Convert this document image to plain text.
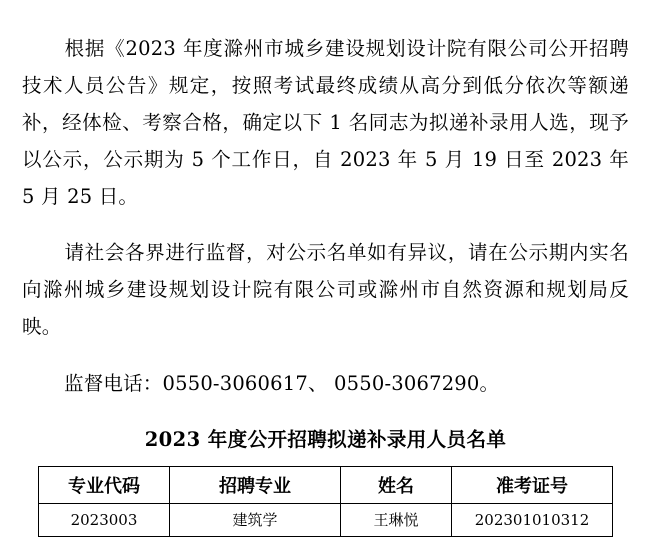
根据《2023 年度滁州市城乡建设规划设计院有限公司公开招聘技术人员公告》规定，按照考试最终成绩从高分到低分依次等额递补，经体检、考察合格，确定以下 1 名同志为拟递补录用人选，现予以公示，公示期为 5 个工作日，自 2023 年 5 月 19 日至 2023 年 5 月 25 日。

请社会各界进行监督，对公示名单如有异议，请在公示期内实名向滁州城乡建设规划设计院有限公司或滁州市自然资源和规划局反映。

监督电话：0550-3060617、 0550-3067290。

2023 年度公开招聘拟递补录用人员名单
专业代码	招聘专业	姓名	准考证号
2023003	建筑学	王琳悦	202301010312
